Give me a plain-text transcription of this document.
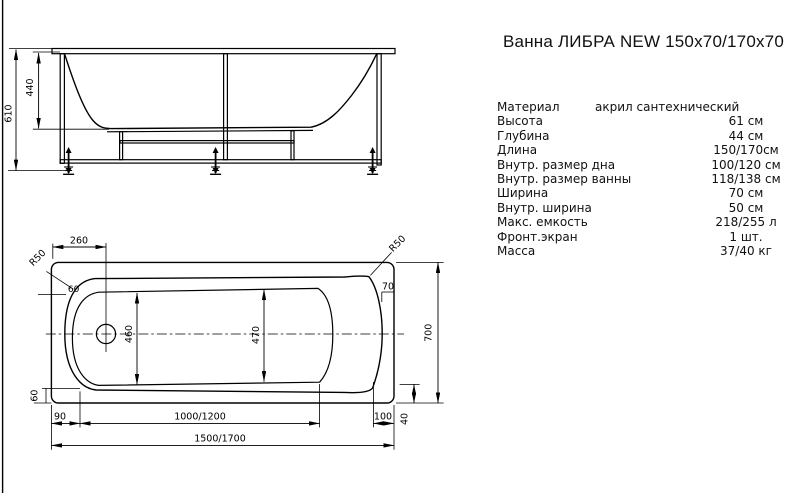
610
440
260
R50
R50
60	70
460	470	700
60
90	1000/1200	100 40
1500/1700
Ванна ЛИБРА NEW 150x70/170x70
Материал	акрил сантехнический
Высота	61 см
Глубина	44 см
Длина	150/170см
Внутр. размер дна	100/120 см
Внутр. размер ванны	118/138 см
Ширина	70 см
Внутр. ширина	50 см
Макс. емкость	218/255 л
Фронт.экран	1 шт.
Масса	37/40 кг
